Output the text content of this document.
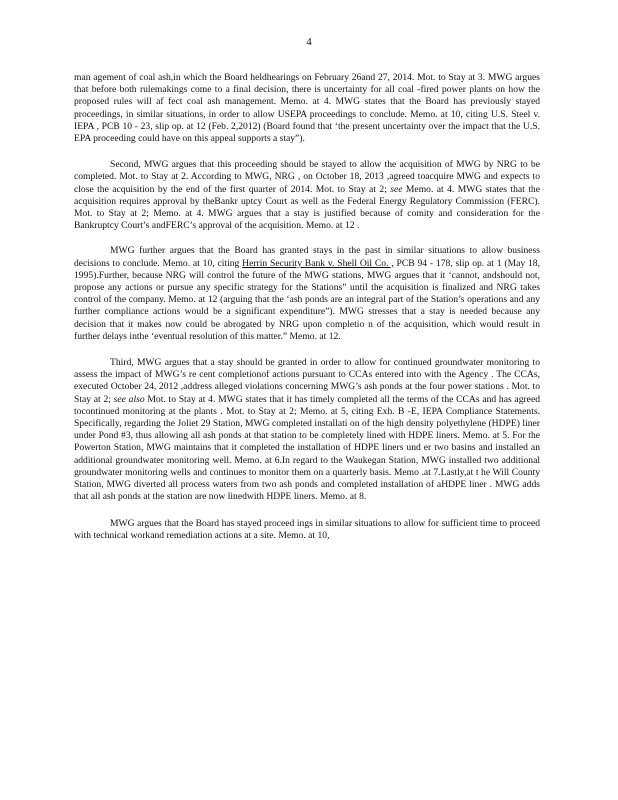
4

man agement of coal ash,in which the Board heldhearings on February 26and 27, 2014. Mot. to Stay at 3. MWG argues that before both rulemakings come to a final decision, there is uncertainty for all coal -fired power plants on how the proposed rules will af fect coal ash management. Memo. at 4. MWG states that the Board has previously stayed proceedings, in similar situations, in order to allow USEPA proceedings to conclude. Memo. at 10, citing U.S. Steel v. IEPA , PCB 10 - 23, slip op. at 12 (Feb. 2,2012) (Board found that ‘the present uncertainty over the impact that the U.S. EPA proceeding could have on this appeal supports a stay”).

Second, MWG argues that this proceeding should be stayed to allow the acquisition of MWG by NRG to be completed. Mot. to Stay at 2. According to MWG, NRG , on October 18, 2013 ,agreed toacquire MWG and expects to close the acquisition by the end of the first quarter of 2014. Mot. to Stay at 2; see Memo. at 4. MWG states that the acquisition requires approval by theBankr uptcy Court as well as the Federal Energy Regulatory Commission (FERC). Mot. to Stay at 2; Memo. at 4. MWG argues that a stay is justified because of comity and consideration for the Bankruptcy Court’s andFERC’s approval of the acquisition. Memo. at 12 .

MWG further argues that the Board has granted stays in the past in similar situations to allow business decisions to conclude. Memo. at 10, citing Herrin Security Bank v. Shell Oil Co. , PCB 94 - 178, slip op. at 1 (May 18, 1995).Further, because NRG will control the future of the MWG stations, MWG argues that it ‘cannot, andshould not, propose any actions or pursue any specific strategy for the Stations” until the acquisition is finalized and NRG takes control of the company. Memo. at 12 (arguing that the ‘ash ponds are an integral part of the Station’s operations and any further compliance actions would be a significant expenditure”). MWG stresses that a stay is needed because any decision that it makes now could be abrogated by NRG upon completio n of the acquisition, which would result in further delays inthe ‘eventual resolution of this matter.” Memo. at 12.

Third, MWG argues that a stay should be granted in order to allow for continued groundwater monitoring to assess the impact of MWG’s re cent completionof actions pursuant to CCAs entered into with the Agency . The CCAs, executed October 24, 2012 ,address alleged violations concerning MWG’s ash ponds at the four power stations . Mot. to Stay at 2; see also Mot. to Stay at 4. MWG states that it has timely completed all the terms of the CCAs and has agreed tocontinued monitoring at the plants . Mot. to Stay at 2; Memo. at 5, citing Exh. B -E, IEPA Compliance Statements. Specifically, regarding the Joliet 29 Station, MWG completed installati on of the high density polyethylene (HDPE) liner under Pond #3, thus allowing all ash ponds at that station to be completely lined with HDPE liners. Memo. at 5. For the Powerton Station, MWG maintains that it completed the installation of HDPE liners und er two basins and installed an additional groundwater monitoring well. Memo. at 6.In regard to the Waukegan Station, MWG installed two additional groundwater monitoring wells and continues to monitor them on a quarterly basis. Memo .at 7.Lastly,at t he Will County Station, MWG diverted all process waters from two ash ponds and completed installation of aHDPE liner . MWG adds that all ash ponds at the station are now linedwith HDPE liners. Memo. at 8.

MWG argues that the Board has stayed proceed ings in similar situations to allow for sufficient time to proceed with technical workand remediation actions at a site. Memo. at 10,
